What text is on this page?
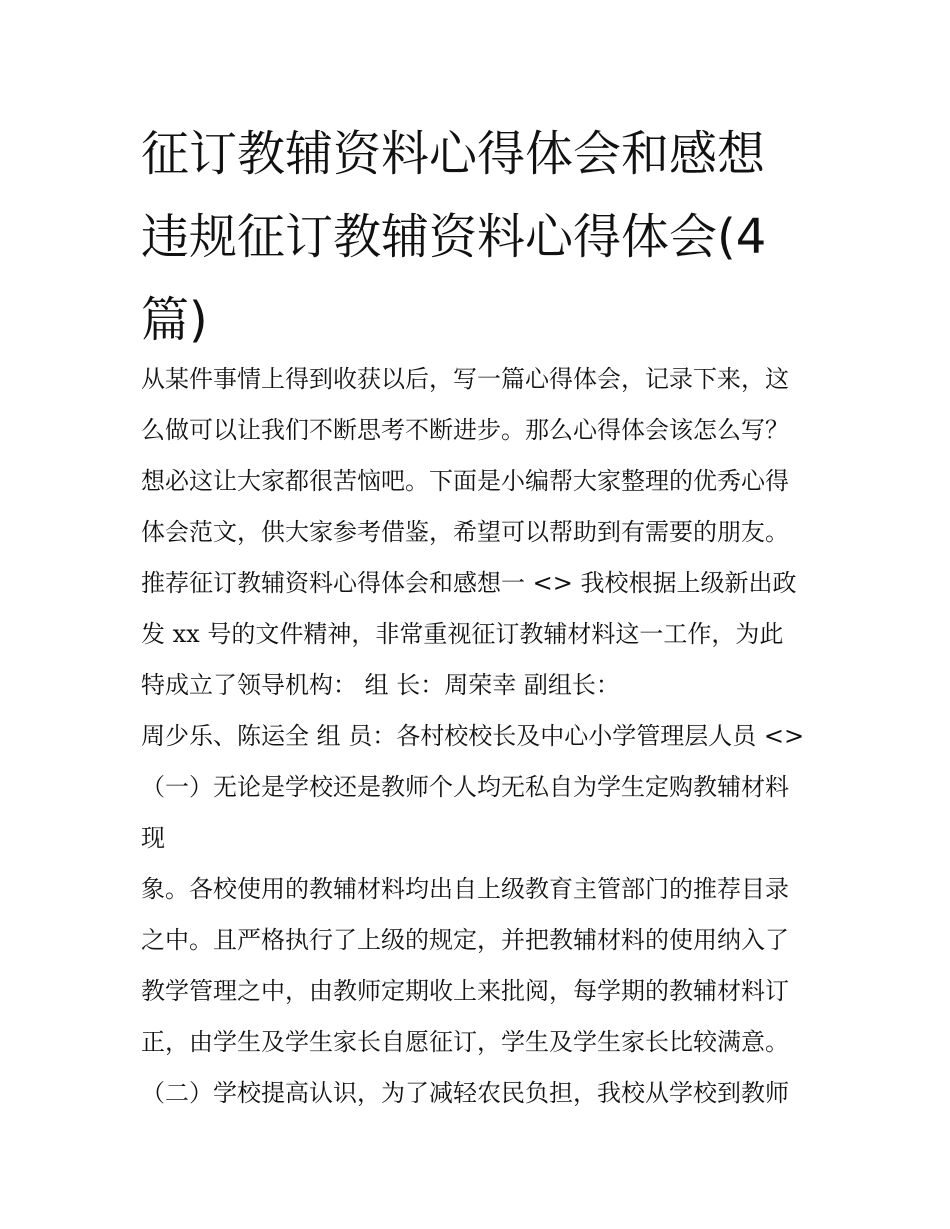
征订教辅资料心得体会和感想
违规征订教辅资料心得体会(4
篇)
从某件事情上得到收获以后，写一篇心得体会，记录下来，这
么做可以让我们不断思考不断进步。那么心得体会该怎么写？
想必这让大家都很苦恼吧。下面是小编帮大家整理的优秀心得
体会范文，供大家参考借鉴，希望可以帮助到有需要的朋友。
推荐征订教辅资料心得体会和感想一 <> 我校根据上级新出政
发 xx 号的文件精神，非常重视征订教辅材料这一工作，为此
特成立了领导机构： 组 长：周荣幸 副组长：
周少乐、陈运全 组 员：各村校校长及中心小学管理层人员 <>
（一）无论是学校还是教师个人均无私自为学生定购教辅材料
现
象。各校使用的教辅材料均出自上级教育主管部门的推荐目录
之中。且严格执行了上级的规定，并把教辅材料的使用纳入了
教学管理之中，由教师定期收上来批阅，每学期的教辅材料订
正，由学生及学生家长自愿征订，学生及学生家长比较满意。
（二）学校提高认识，为了减轻农民负担，我校从学校到教师
